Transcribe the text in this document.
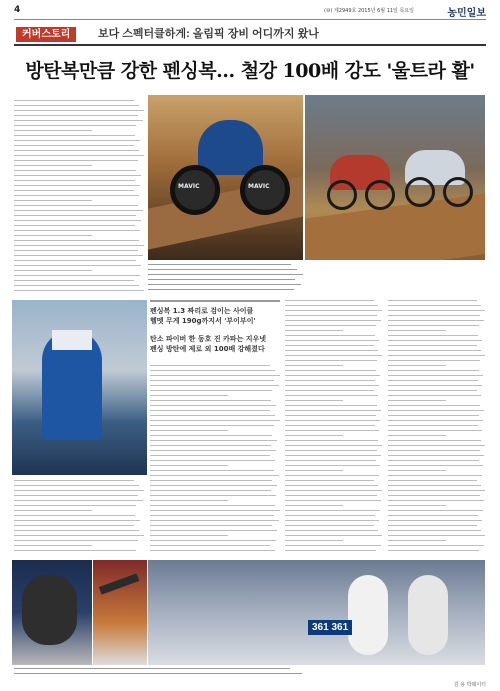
4	(⑩) 제2949호 2015년 6월 11일 목요일	농민일보
커버스토리	보다 스펙터클하게: 올림픽 장비 어디까지 왔나
방탄복만큼 강한 펜싱복… 철강 100배 강도 '울트라 활'
MAVIC	MAVIC
펜싱복 1.3 짜리로 검이는 사이클
헬멧 무게 190g까지서 '부이부이'
탄소 파이버 한 동호 진 카파는 지우넷
펜싱 방탄에 제로 외 100배 강해졌다
361 361
김 용 박웨이터
